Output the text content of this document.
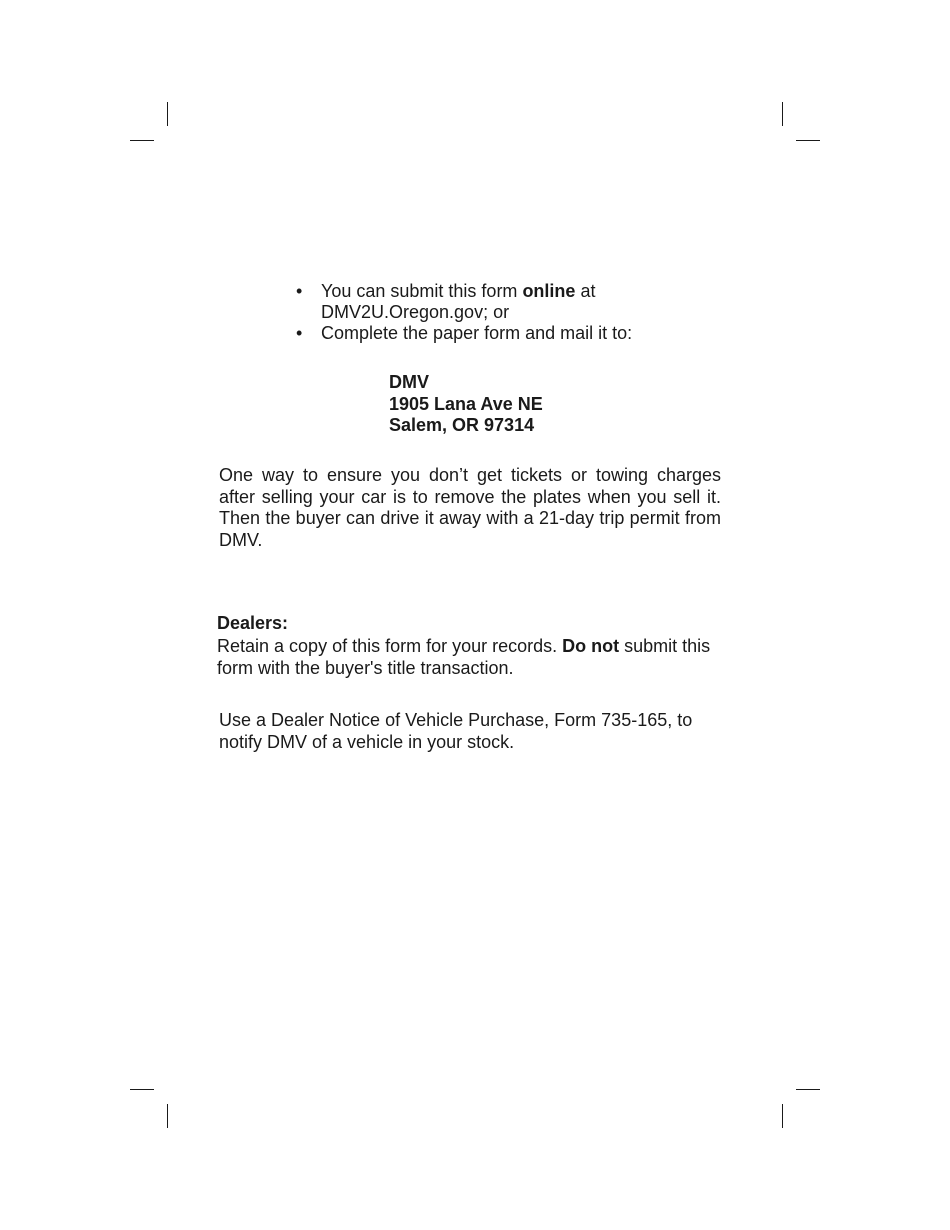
• You can submit this form online at DMV2U.Oregon.gov; or
• Complete the paper form and mail it to:
DMV
1905 Lana Ave NE
Salem, OR 97314
One way to ensure you don’t get tickets or towing charges after selling your car is to remove the plates when you sell it. Then the buyer can drive it away with a 21-day trip permit from DMV.
Dealers:
Retain a copy of this form for your records. Do not submit this form with the buyer's title transaction.
Use a Dealer Notice of Vehicle Purchase, Form 735-165, to notify DMV of a vehicle in your stock.
